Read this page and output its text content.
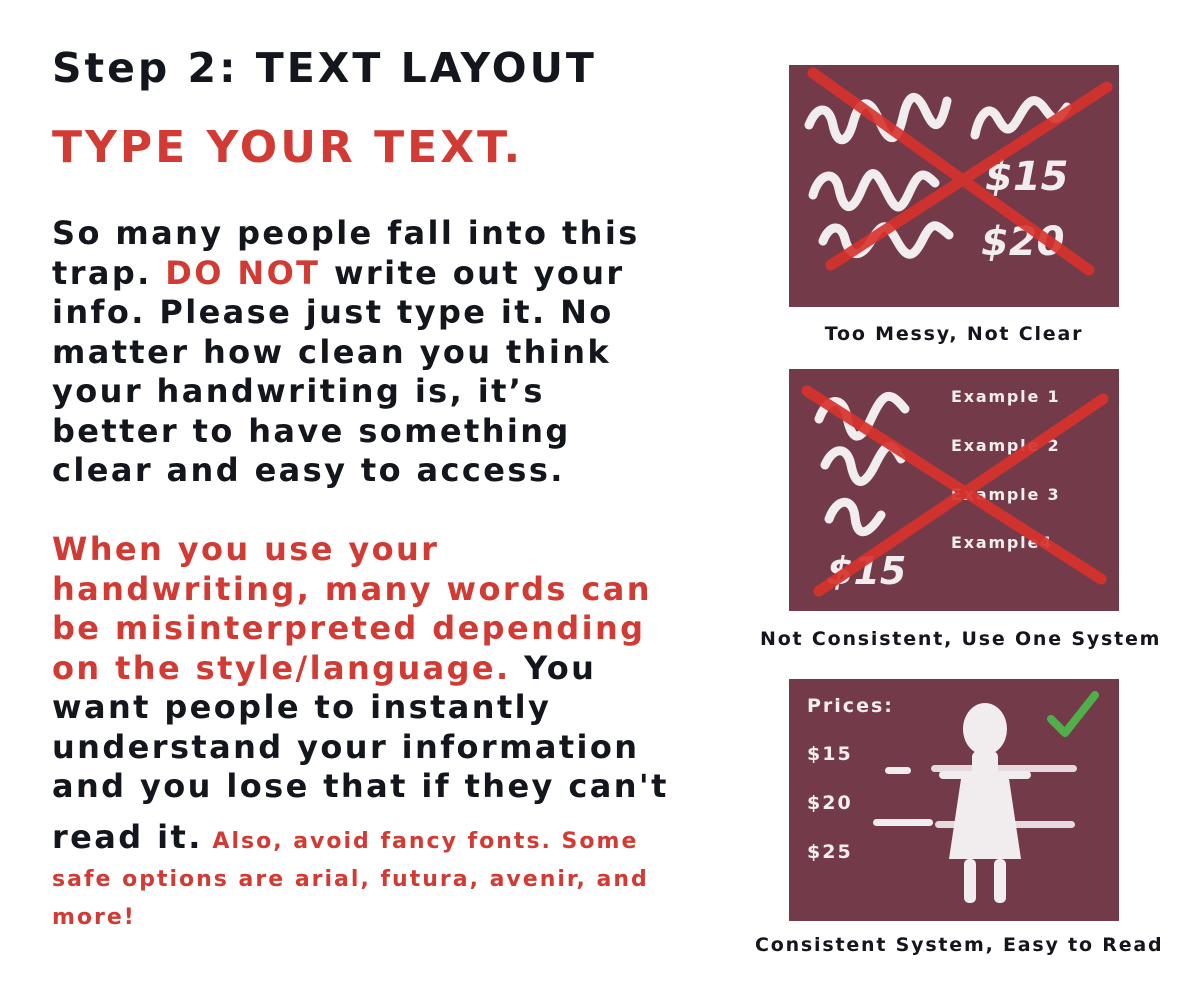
Step 2: TEXT LAYOUT
TYPE YOUR TEXT.
So many people fall into this
trap. DO NOT write out your
info. Please just type it. No
matter how clean you think
your handwriting is, it’s
better to have something
clear and easy to access.
When you use your
handwriting, many words can
be misinterpreted depending
on the style/language. You
want people to instantly
understand your information
and you lose that if they can't
read it. Also, avoid fancy fonts. Some
safe options are arial, futura, avenir, and
more!
$15
$20
Too Messy, Not Clear
$15
Example 1
Example 2
Example 3
Example4
Not Consistent, Use One System
Prices:
$15
$20
$25
Consistent System, Easy to Read
